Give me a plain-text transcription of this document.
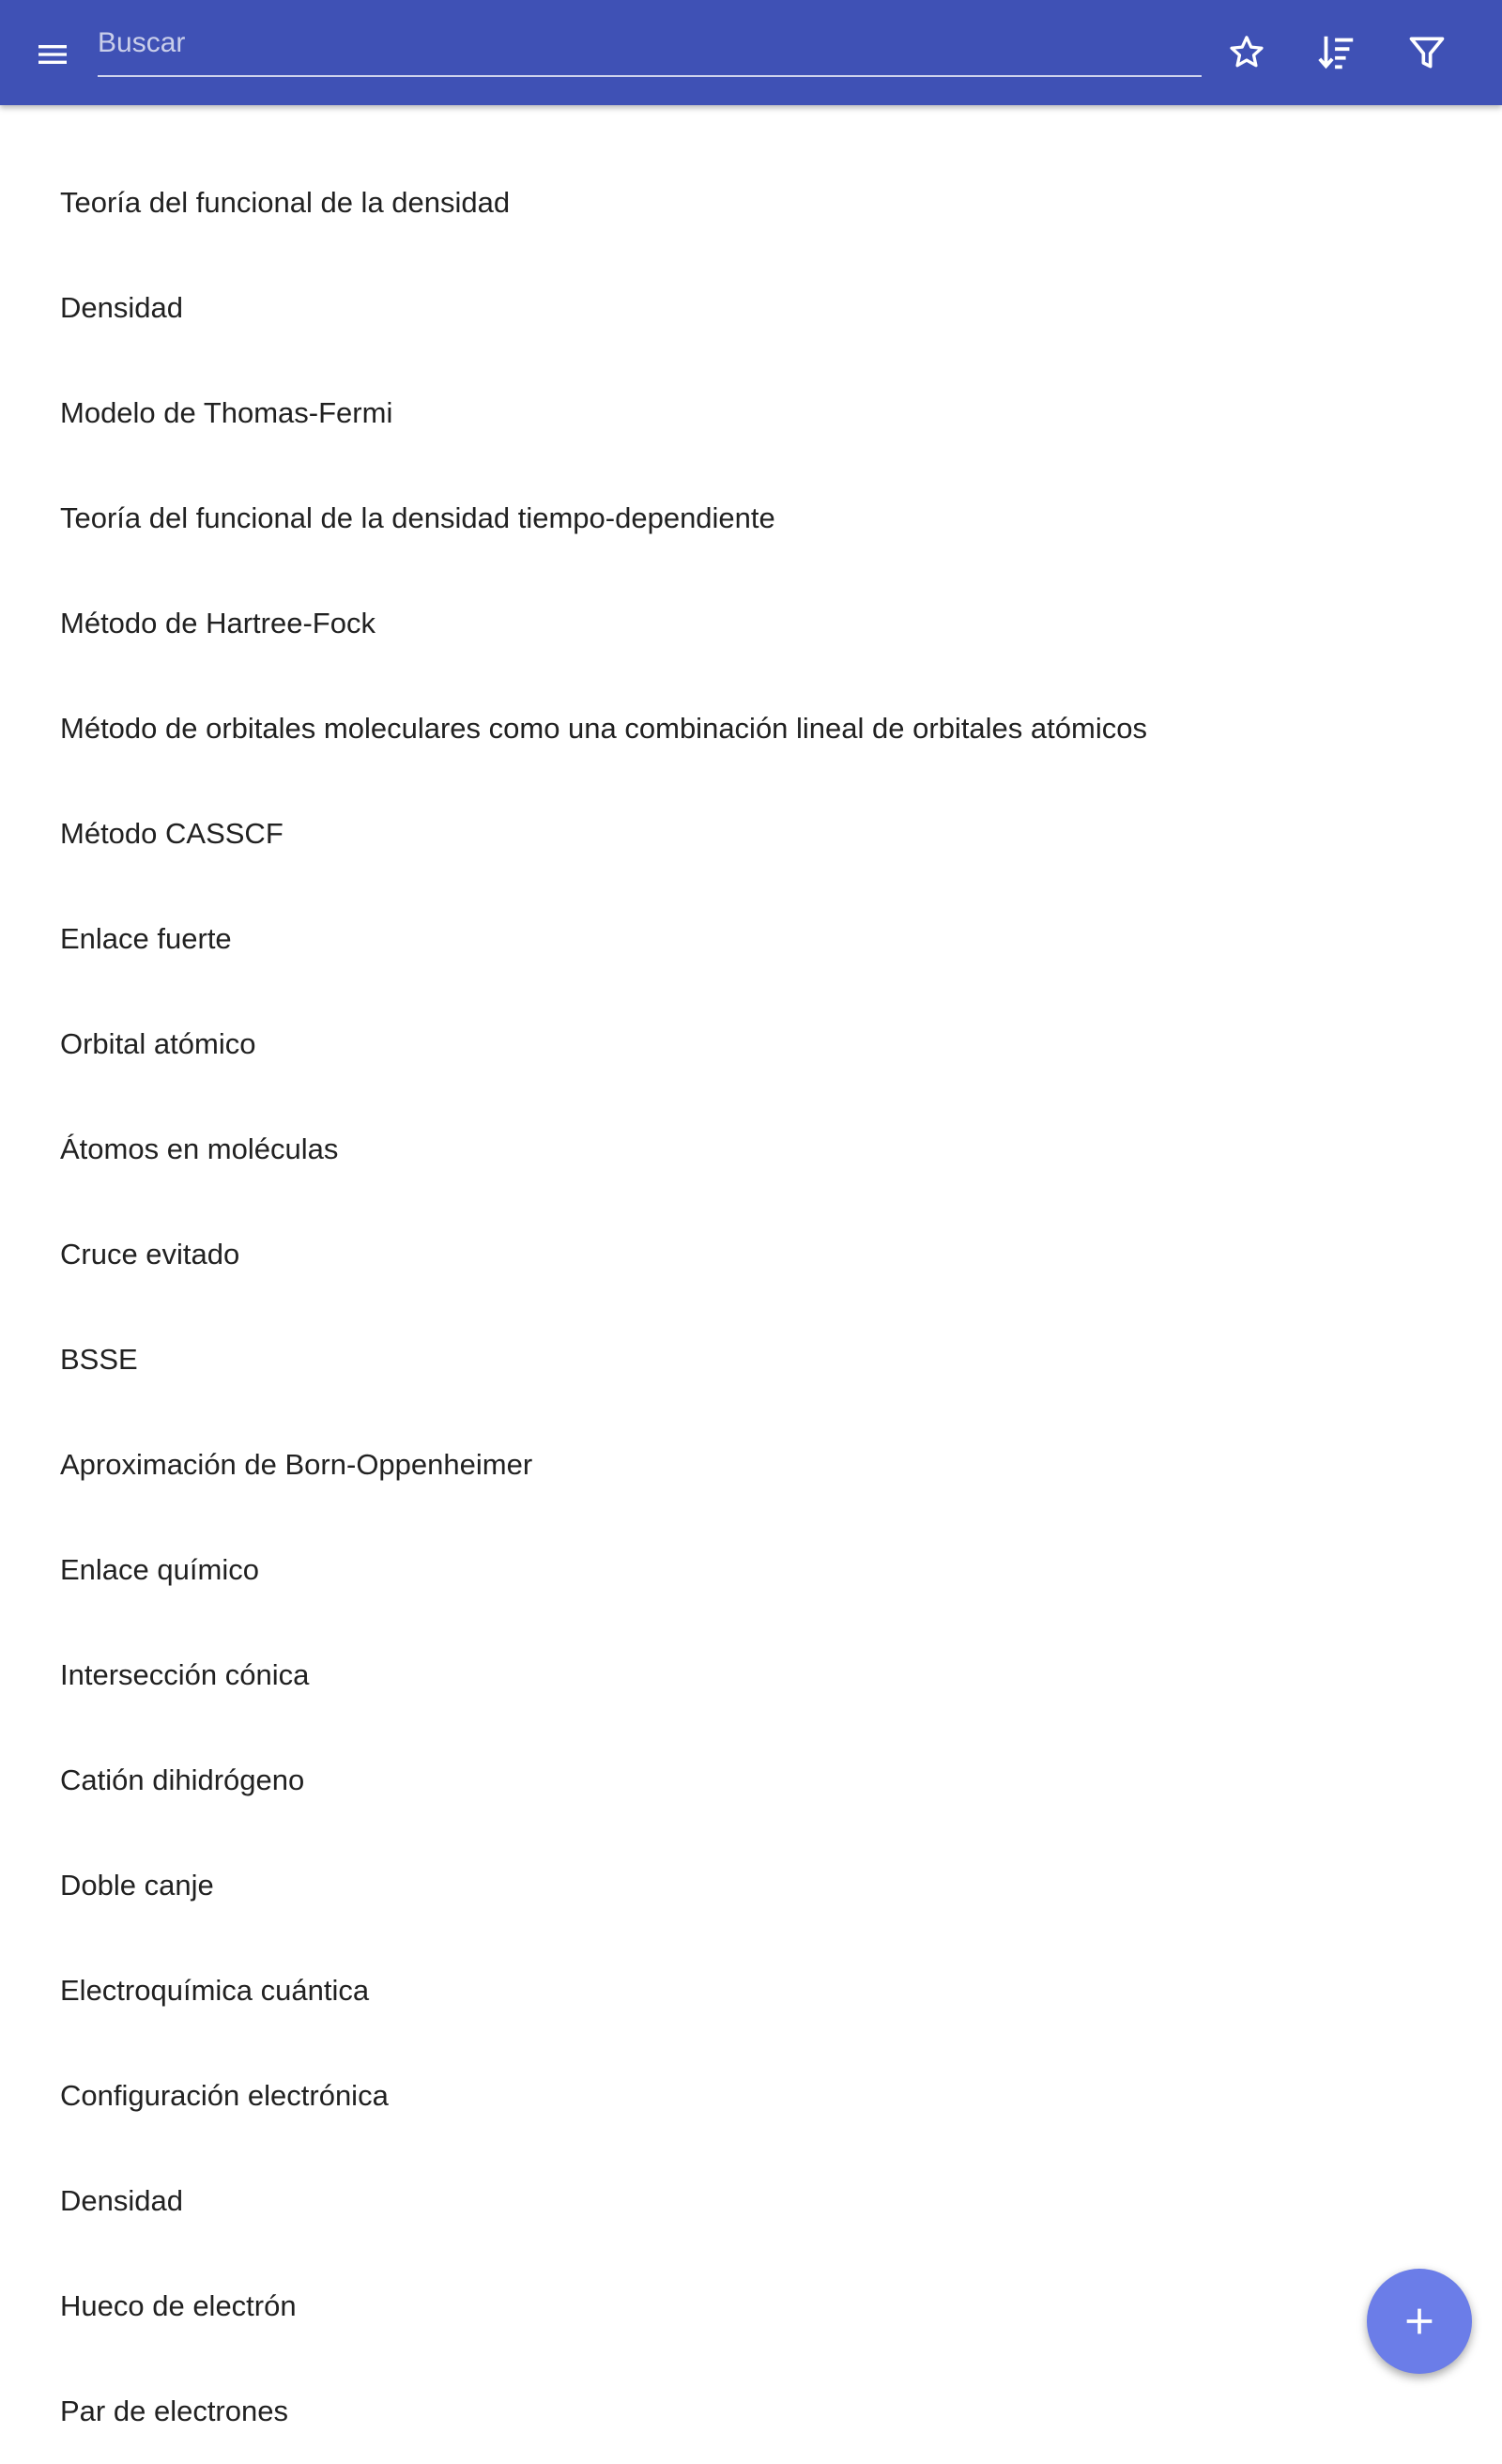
Buscar
Teoría del funcional de la densidad
Densidad
Modelo de Thomas-Fermi
Teoría del funcional de la densidad tiempo-dependiente
Método de Hartree-Fock
Método de orbitales moleculares como una combinación lineal de orbitales atómicos
Método CASSCF
Enlace fuerte
Orbital atómico
Átomos en moléculas
Cruce evitado
BSSE
Aproximación de Born-Oppenheimer
Enlace químico
Intersección cónica
Catión dihidrógeno
Doble canje
Electroquímica cuántica
Configuración electrónica
Densidad
Hueco de electrón
Par de electrones
